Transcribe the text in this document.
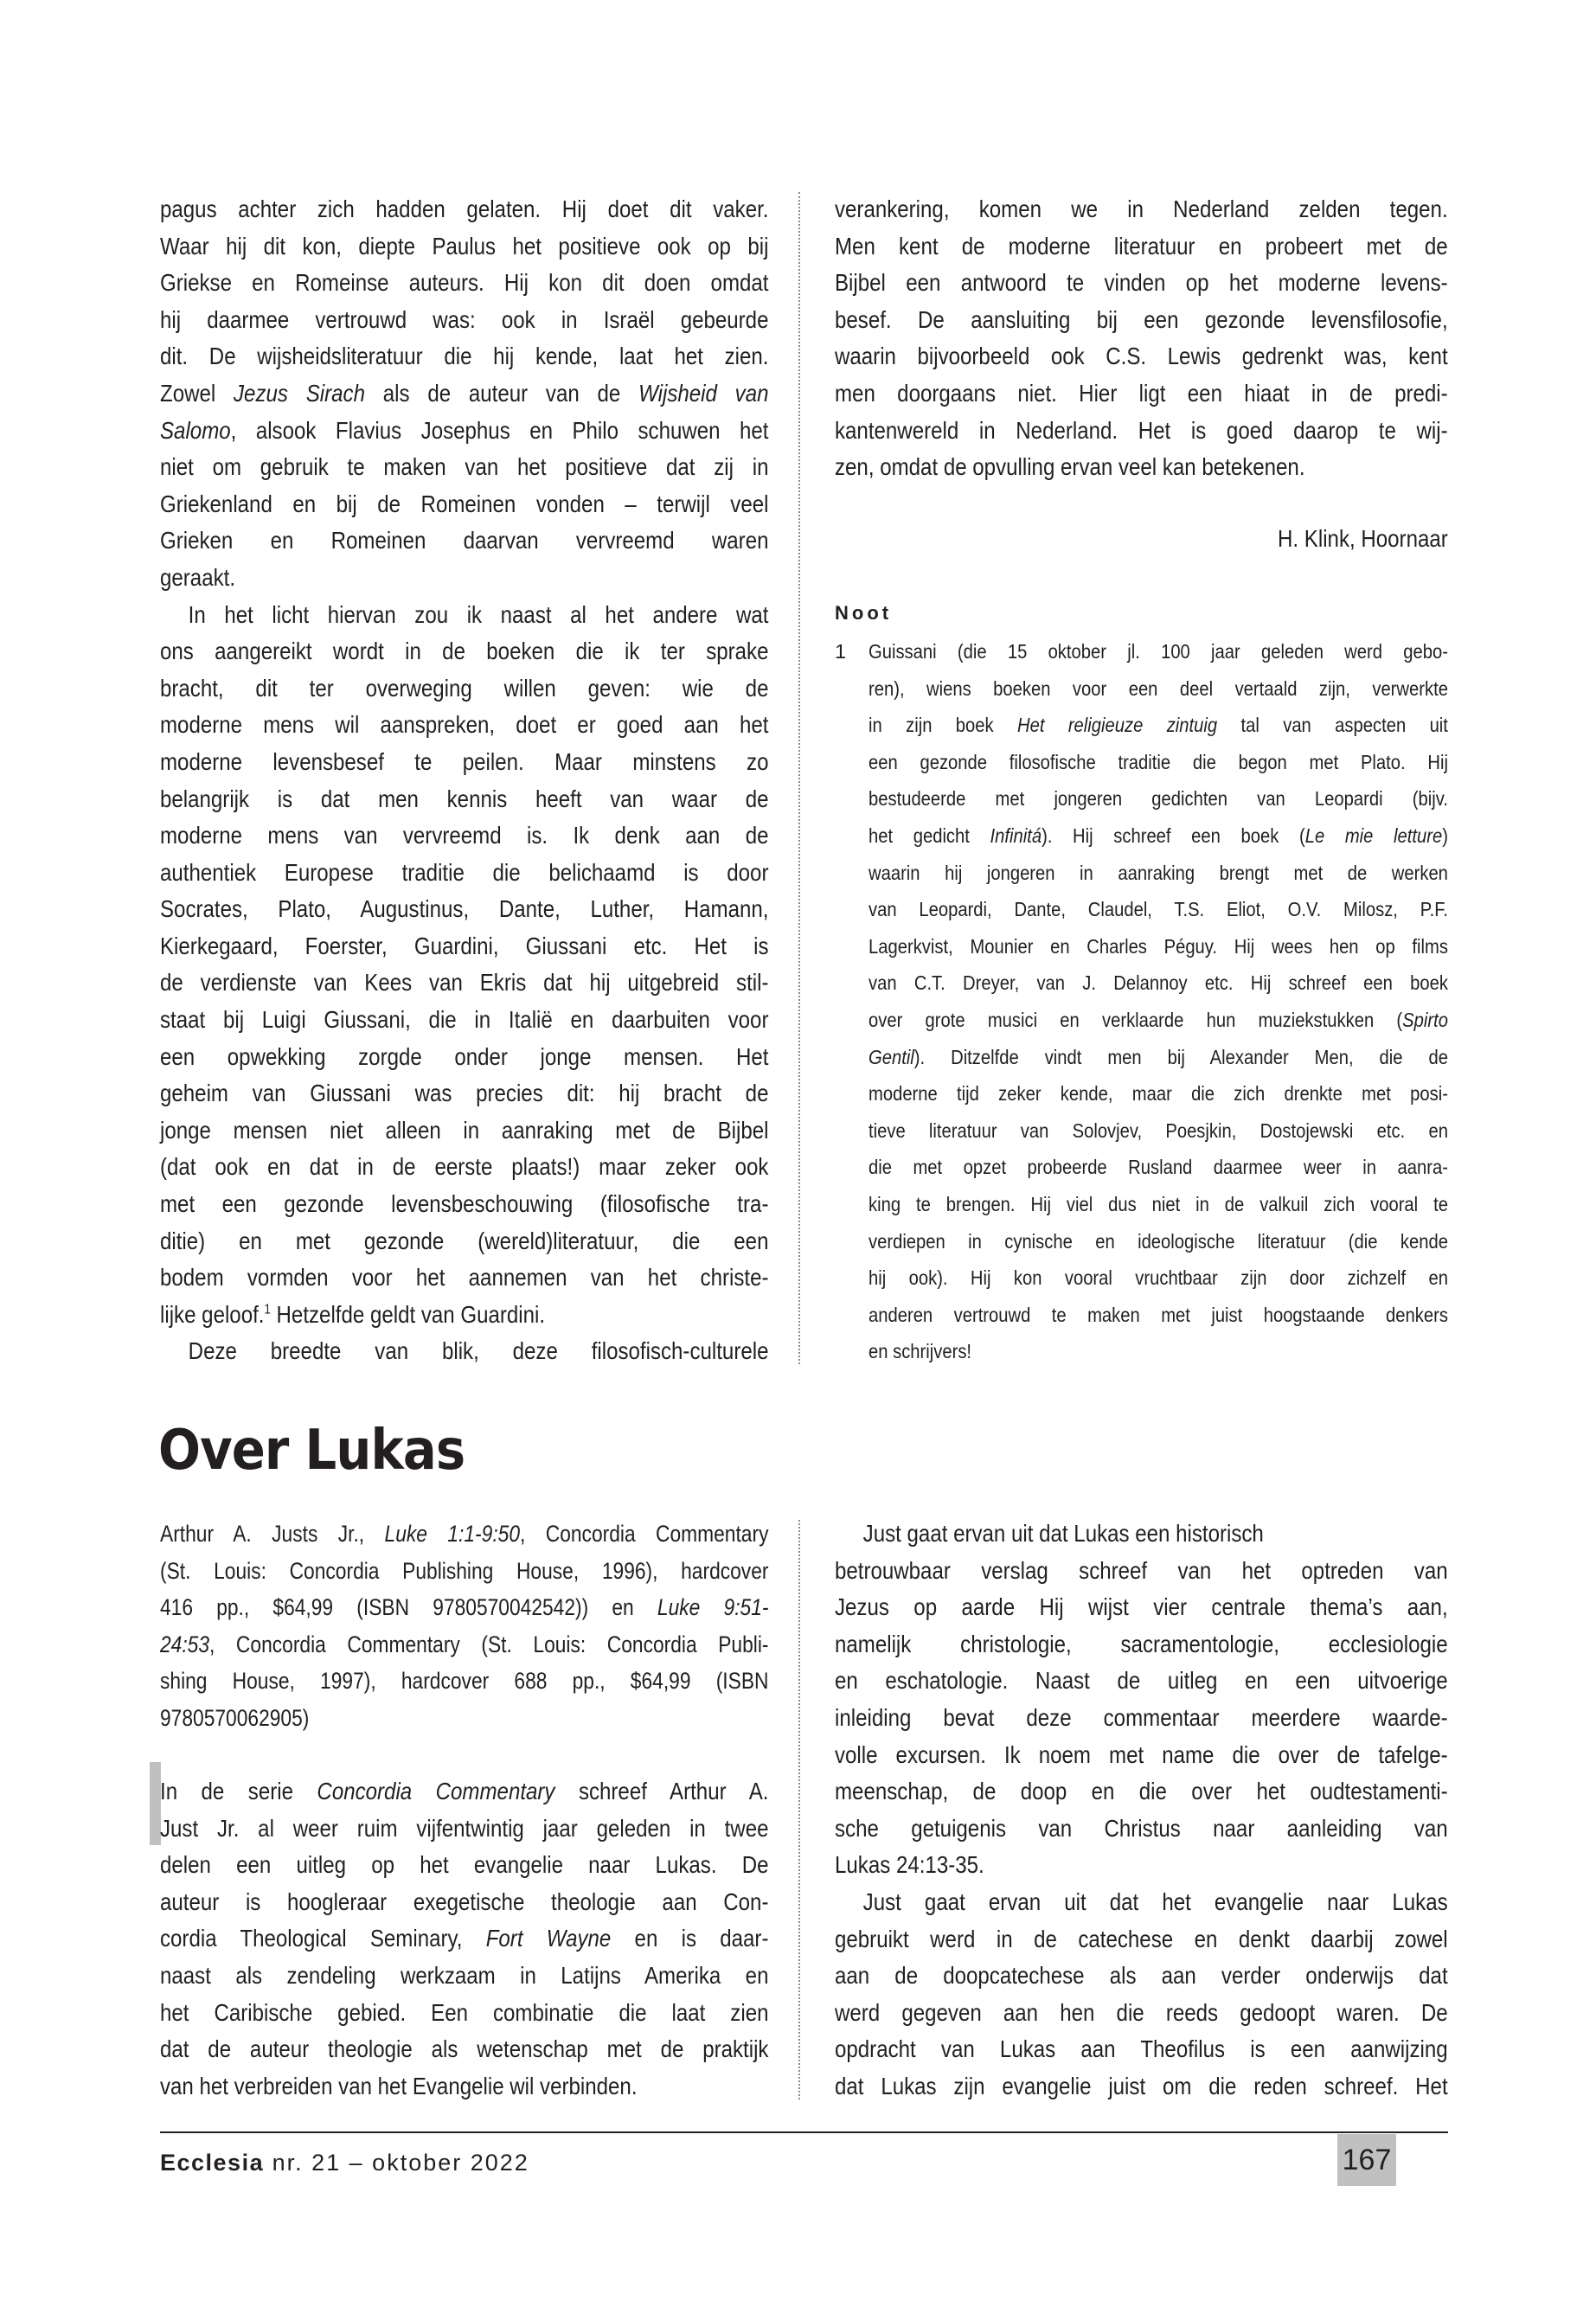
pagus achter zich hadden gelaten. Hij doet dit vaker.
Waar hij dit kon, diepte Paulus het positieve ook op bij
Griekse en Romeinse auteurs. Hij kon dit doen omdat
hij daarmee vertrouwd was: ook in Israël gebeurde
dit. De wijsheidsliteratuur die hij kende, laat het zien.
Zowel Jezus Sirach als de auteur van de Wijsheid van
Salomo, alsook Flavius Josephus en Philo schuwen het
niet om gebruik te maken van het positieve dat zij in
Griekenland en bij de Romeinen vonden – terwijl veel
Grieken en Romeinen daarvan vervreemd waren
geraakt.
In het licht hiervan zou ik naast al het andere wat
ons aangereikt wordt in de boeken die ik ter sprake
bracht, dit ter overweging willen geven: wie de
moderne mens wil aanspreken, doet er goed aan het
moderne levensbesef te peilen. Maar minstens zo
belangrijk is dat men kennis heeft van waar de
moderne mens van vervreemd is. Ik denk aan de
authentiek Europese traditie die belichaamd is door
Socrates, Plato, Augustinus, Dante, Luther, Hamann,
Kierkegaard, Foerster, Guardini, Giussani etc. Het is
de verdienste van Kees van Ekris dat hij uitgebreid stil-
staat bij Luigi Giussani, die in Italië en daarbuiten voor
een opwekking zorgde onder jonge mensen. Het
geheim van Giussani was precies dit: hij bracht de
jonge mensen niet alleen in aanraking met de Bijbel
(dat ook en dat in de eerste plaats!) maar zeker ook
met een gezonde levensbeschouwing (filosofische tra-
ditie) en met gezonde (wereld)literatuur, die een
bodem vormden voor het aannemen van het christe-
lijke geloof.$^1$ Hetzelfde geldt van Guardini.
Deze breedte van blik, deze filosofisch-culturele
verankering, komen we in Nederland zelden tegen.
Men kent de moderne literatuur en probeert met de
Bijbel een antwoord te vinden op het moderne levens-
besef. De aansluiting bij een gezonde levensfilosofie,
waarin bijvoorbeeld ook C.S. Lewis gedrenkt was, kent
men doorgaans niet. Hier ligt een hiaat in de predi-
kantenwereld in Nederland. Het is goed daarop te wij-
zen, omdat de opvulling ervan veel kan betekenen.
H. Klink, Hoornaar
Noot
1 Guissani (die 15 oktober jl. 100 jaar geleden werd gebo-
ren), wiens boeken voor een deel vertaald zijn, verwerkte
in zijn boek Het religieuze zintuig tal van aspecten uit
een gezonde filosofische traditie die begon met Plato. Hij
bestudeerde met jongeren gedichten van Leopardi (bijv.
het gedicht Infinitá). Hij schreef een boek (Le mie letture)
waarin hij jongeren in aanraking brengt met de werken
van Leopardi, Dante, Claudel, T.S. Eliot, O.V. Milosz, P.F.
Lagerkvist, Mounier en Charles Péguy. Hij wees hen op films
van C.T. Dreyer, van J. Delannoy etc. Hij schreef een boek
over grote musici en verklaarde hun muziekstukken (Spirto
Gentil). Ditzelfde vindt men bij Alexander Men, die de
moderne tijd zeker kende, maar die zich drenkte met posi-
tieve literatuur van Solovjev, Poesjkin, Dostojewski etc. en
die met opzet probeerde Rusland daarmee weer in aanra-
king te brengen. Hij viel dus niet in de valkuil zich vooral te
verdiepen in cynische en ideologische literatuur (die kende
hij ook). Hij kon vooral vruchtbaar zijn door zichzelf en
anderen vertrouwd te maken met juist hoogstaande denkers
en schrijvers!
Over Lukas
Arthur A. Justs Jr., Luke 1:1-9:50, Concordia Commentary
(St. Louis: Concordia Publishing House, 1996), hardcover
416 pp., $64,99 (ISBN 9780570042542)) en Luke 9:51-
24:53, Concordia Commentary (St. Louis: Concordia Publi-
shing House, 1997), hardcover 688 pp., $64,99 (ISBN
9780570062905)
In de serie Concordia Commentary schreef Arthur A.
Just Jr. al weer ruim vijfentwintig jaar geleden in twee
delen een uitleg op het evangelie naar Lukas. De
auteur is hoogleraar exegetische theologie aan Con-
cordia Theological Seminary, Fort Wayne en is daar-
naast als zendeling werkzaam in Latijns Amerika en
het Caribische gebied. Een combinatie die laat zien
dat de auteur theologie als wetenschap met de praktijk
van het verbreiden van het Evangelie wil verbinden.
Just gaat ervan uit dat Lukas een historisch
betrouwbaar verslag schreef van het optreden van
Jezus op aarde Hij wijst vier centrale thema’s aan,
namelijk christologie, sacramentologie, ecclesiologie
en eschatologie. Naast de uitleg en een uitvoerige
inleiding bevat deze commentaar meerdere waarde-
volle excursen. Ik noem met name die over de tafelge-
meenschap, de doop en die over het oudtestamenti-
sche getuigenis van Christus naar aanleiding van
Lukas 24:13-35.
Just gaat ervan uit dat het evangelie naar Lukas
gebruikt werd in de catechese en denkt daarbij zowel
aan de doopcatechese als aan verder onderwijs dat
werd gegeven aan hen die reeds gedoopt waren. De
opdracht van Lukas aan Theofilus is een aanwijzing
dat Lukas zijn evangelie juist om die reden schreef. Het
Ecclesia nr. 21 – oktober 2022	167
